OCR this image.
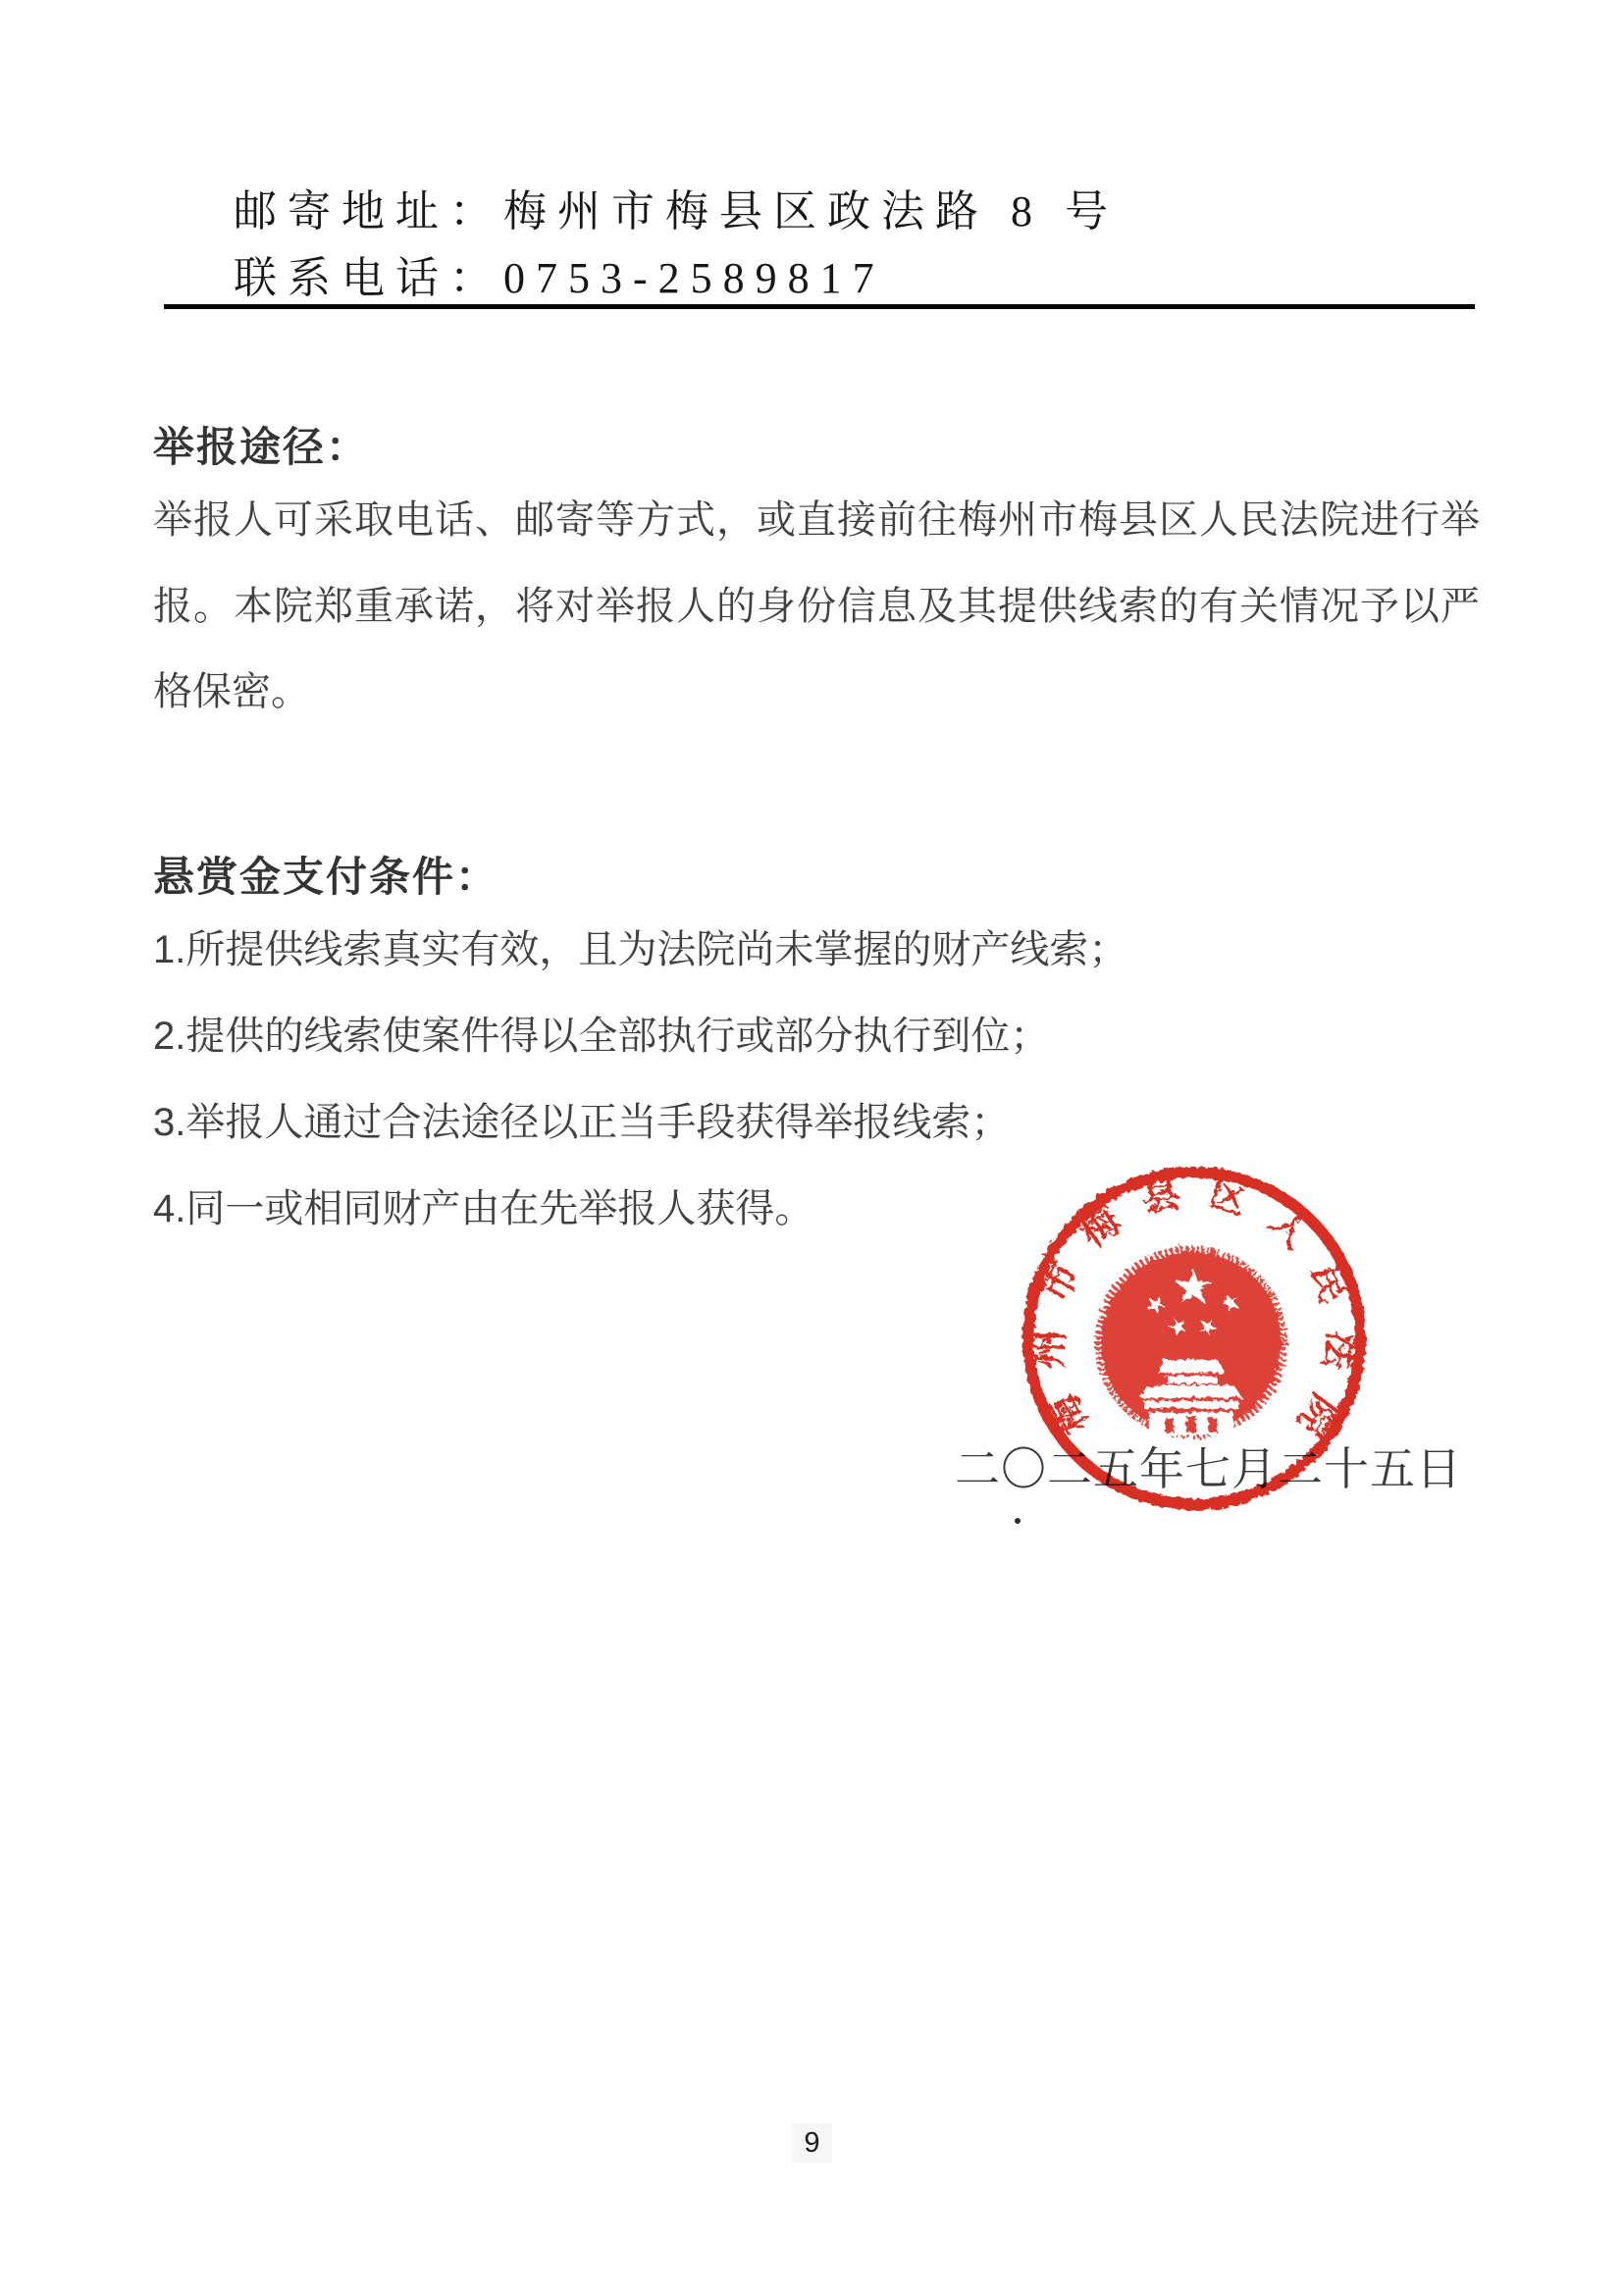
邮寄地址：梅州市梅县区政法路 8 号
联系电话：0753-2589817
举报途径：
举报人可采取电话、邮寄等方式，或直接前往梅州市梅县区人民法院进行举
报。本院郑重承诺，将对举报人的身份信息及其提供线索的有关情况予以严
格保密。
悬赏金支付条件：
1.所提供线索真实有效，且为法院尚未掌握的财产线索；
2.提供的线索使案件得以全部执行或部分执行到位；
3.举报人通过合法途径以正当手段获得举报线索；
4.同一或相同财产由在先举报人获得。
梅州市梅县区人民法院
二〇二五年七月二十五日
9
